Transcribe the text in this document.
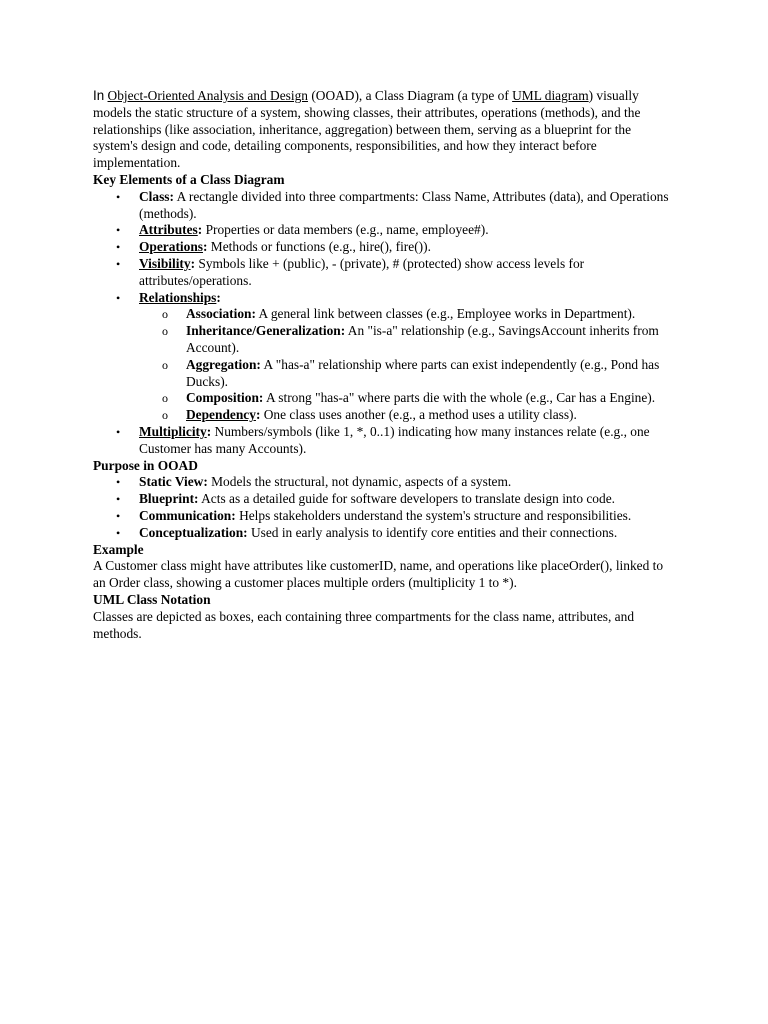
In Object-Oriented Analysis and Design (OOAD), a Class Diagram (a type of UML diagram) visually models the static structure of a system, showing classes, their attributes, operations (methods), and the relationships (like association, inheritance, aggregation) between them, serving as a blueprint for the system's design and code, detailing components, responsibilities, and how they interact before implementation.

Key Elements of a Class Diagram

• Class: A rectangle divided into three compartments: Class Name, Attributes (data), and Operations (methods).
• Attributes: Properties or data members (e.g., name, employee#).
• Operations: Methods or functions (e.g., hire(), fire()).
• Visibility: Symbols like + (public), - (private), # (protected) show access levels for attributes/operations.
• Relationships:
o Association: A general link between classes (e.g., Employee works in Department).
o Inheritance/Generalization: An "is-a" relationship (e.g., SavingsAccount inherits from Account).
o Aggregation: A "has-a" relationship where parts can exist independently (e.g., Pond has Ducks).
o Composition: A strong "has-a" where parts die with the whole (e.g., Car has a Engine).
o Dependency: One class uses another (e.g., a method uses a utility class).
• Multiplicity: Numbers/symbols (like 1, *, 0..1) indicating how many instances relate (e.g., one Customer has many Accounts).

Purpose in OOAD

• Static View: Models the structural, not dynamic, aspects of a system.
• Blueprint: Acts as a detailed guide for software developers to translate design into code.
• Communication: Helps stakeholders understand the system's structure and responsibilities.
• Conceptualization: Used in early analysis to identify core entities and their connections.

Example

A Customer class might have attributes like customerID, name, and operations like placeOrder(), linked to an Order class, showing a customer places multiple orders (multiplicity 1 to *).

UML Class Notation

Classes are depicted as boxes, each containing three compartments for the class name, attributes, and methods.
